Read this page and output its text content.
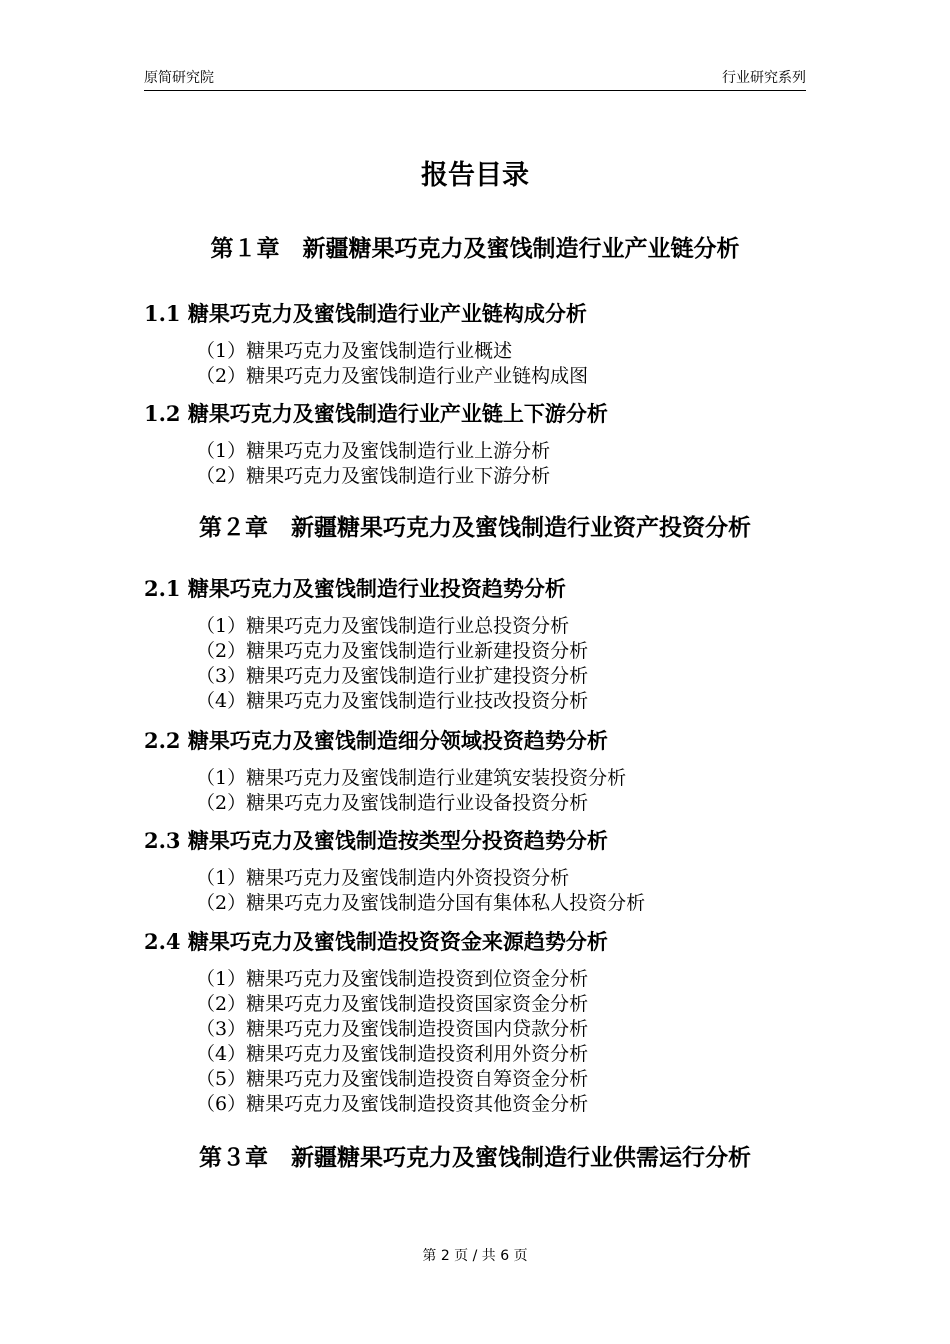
原简研究院	行业研究系列
报告目录
第１章　新疆糖果巧克力及蜜饯制造行业产业链分析
1.1 糖果巧克力及蜜饯制造行业产业链构成分析
（1）糖果巧克力及蜜饯制造行业概述
（2）糖果巧克力及蜜饯制造行业产业链构成图
1.2 糖果巧克力及蜜饯制造行业产业链上下游分析
（1）糖果巧克力及蜜饯制造行业上游分析
（2）糖果巧克力及蜜饯制造行业下游分析
第２章　新疆糖果巧克力及蜜饯制造行业资产投资分析
2.1 糖果巧克力及蜜饯制造行业投资趋势分析
（1）糖果巧克力及蜜饯制造行业总投资分析
（2）糖果巧克力及蜜饯制造行业新建投资分析
（3）糖果巧克力及蜜饯制造行业扩建投资分析
（4）糖果巧克力及蜜饯制造行业技改投资分析
2.2 糖果巧克力及蜜饯制造细分领域投资趋势分析
（1）糖果巧克力及蜜饯制造行业建筑安装投资分析
（2）糖果巧克力及蜜饯制造行业设备投资分析
2.3 糖果巧克力及蜜饯制造按类型分投资趋势分析
（1）糖果巧克力及蜜饯制造内外资投资分析
（2）糖果巧克力及蜜饯制造分国有集体私人投资分析
2.4 糖果巧克力及蜜饯制造投资资金来源趋势分析
（1）糖果巧克力及蜜饯制造投资到位资金分析
（2）糖果巧克力及蜜饯制造投资国家资金分析
（3）糖果巧克力及蜜饯制造投资国内贷款分析
（4）糖果巧克力及蜜饯制造投资利用外资分析
（5）糖果巧克力及蜜饯制造投资自筹资金分析
（6）糖果巧克力及蜜饯制造投资其他资金分析
第３章　新疆糖果巧克力及蜜饯制造行业供需运行分析
第 2 页 / 共 6 页
